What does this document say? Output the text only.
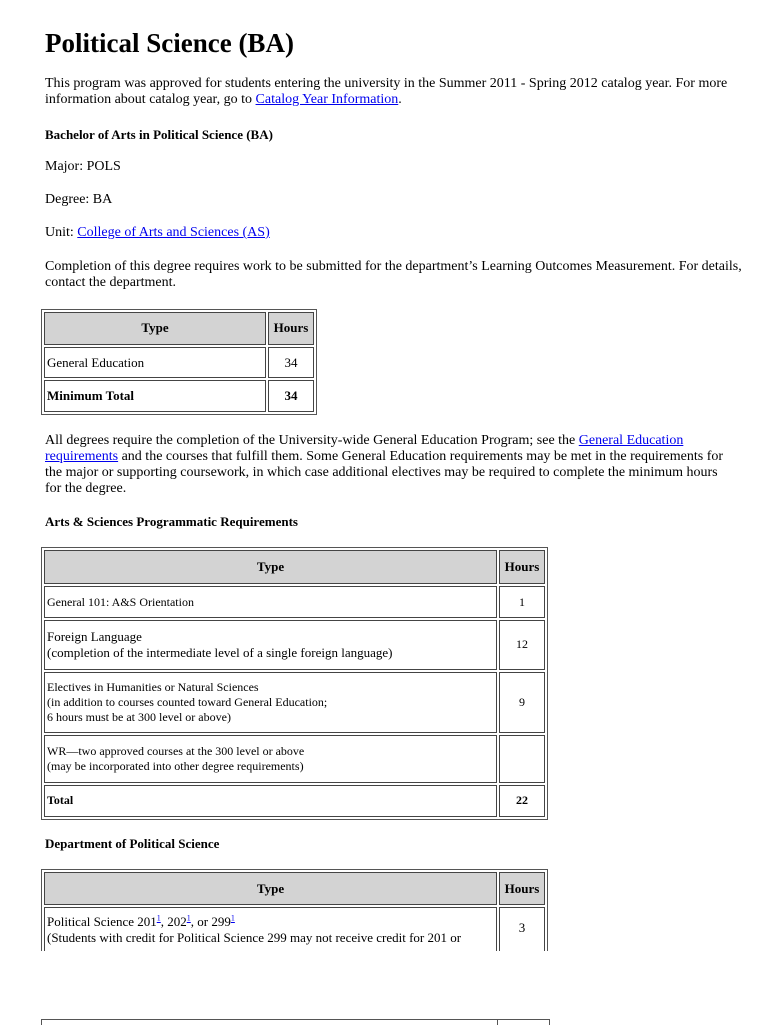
Political Science (BA)

This program was approved for students entering the university in the Summer 2011 - Spring 2012 catalog year. For more information about catalog year, go to Catalog Year Information.

Bachelor of Arts in Political Science (BA)

Major: POLS

Degree: BA

Unit: College of Arts and Sciences (AS)

Completion of this degree requires work to be submitted for the department’s Learning Outcomes Measurement. For details, contact the department.

Type	Hours
General Education	34
Minimum Total	34

All degrees require the completion of the University-wide General Education Program; see the General Education requirements and the courses that fulfill them. Some General Education requirements may be met in the requirements for the major or supporting coursework, in which case additional electives may be required to complete the minimum hours for the degree.

Arts & Sciences Programmatic Requirements

Type	Hours

General 101: A&S Orientation	1

Foreign Language
(completion of the intermediate level of a single foreign language)	12

Electives in Humanities or Natural Sciences
(in addition to courses counted toward General Education;
6 hours must be at 300 level or above)	9

WR—two approved courses at the 300 level or above
(may be incorporated into other degree requirements)	

Total	22

Department of Political Science

Type	Hours

Political Science 201$^1$, 202$^1$, or 299$^1$
(Students with credit for Political Science 299 may not receive credit for 201 or	3
